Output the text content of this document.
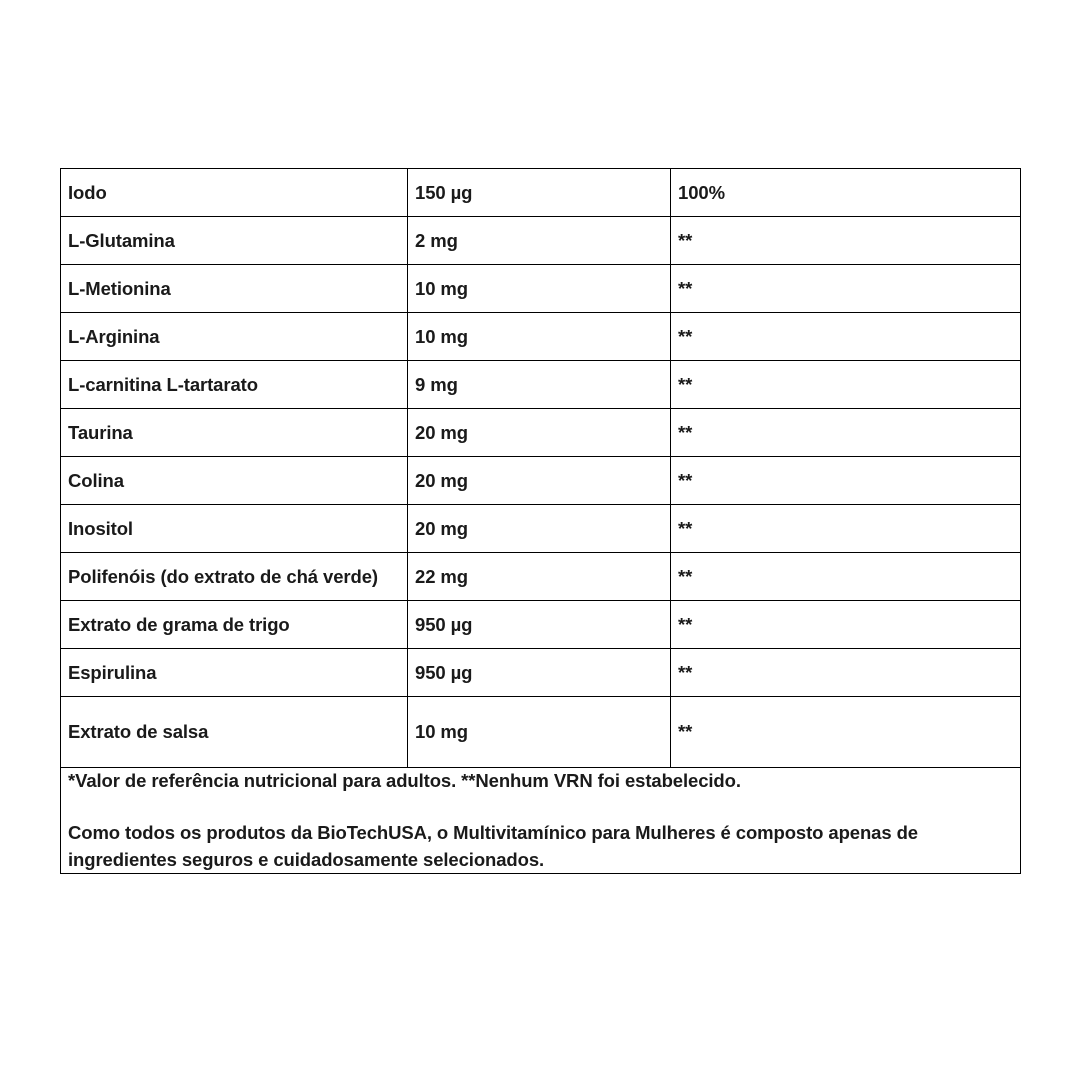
Iodo	150 µg	100%
L-Glutamina	2 mg	**
L-Metionina	10 mg	**
L-Arginina	10 mg	**
L-carnitina L-tartarato	9 mg	**
Taurina	20 mg	**
Colina	20 mg	**
Inositol	20 mg	**
Polifenóis (do extrato de chá verde)	22 mg	**
Extrato de grama de trigo	950 µg	**
Espirulina	950 µg	**
Extrato de salsa	10 mg	**

*Valor de referência nutricional para adultos. **Nenhum VRN foi estabelecido.
Como todos os produtos da BioTechUSA, o Multivitamínico para Mulheres é composto apenas de ingredientes seguros e cuidadosamente selecionados.		
